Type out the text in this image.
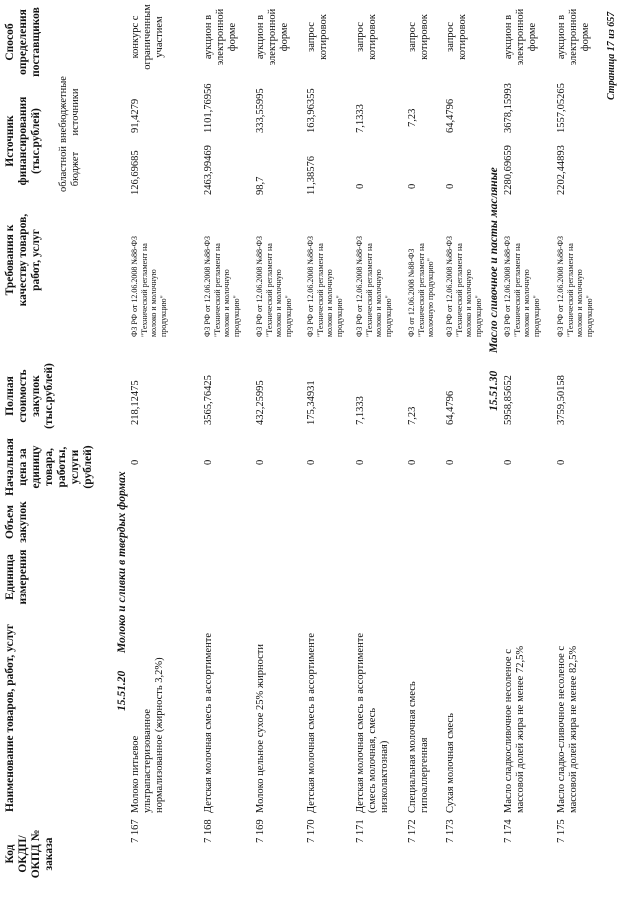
Код ОКДП/ ОКПД № заказа
Наименование товаров, работ, услуг
Единица измерения
Объем закупок
Начальная цена за единицу товара, работы, услуги (рублей)
Полная стоимость закупок (тыс.рублей)
Требования к качеству товаров, работ, услуг
Источник финансирования (тыс.рублей) областной бюджет
внебюджетные источники
Способ определения поставщиков
15.51.20
Молоко и сливки в твердых формах
15.51.30
Масло сливочное и пасты масляные
7 167
Молоко питьевое ультрапастеризованное нормализованное (жирность 3,2%)
0
218,12475
ФЗ РФ от 12.06.2008 №88-ФЗ "Технический регламент на молоко и молочную продукцию"
126,69685
91,4279
конкурс с ограниченным участием
7 168
Детская молочная смесь в ассортименте
0
3565,76425
ФЗ РФ от 12.06.2008 №88-ФЗ "Технический регламент на молоко и молочную продукцию"
2463,99469
1101,76956
аукцион в электронной форме
7 169
Молоко цельное сухое 25% жирности
0
432,25995
ФЗ РФ от 12.06.2008 №88-ФЗ "Технический регламент на молоко и молочную продукцию"
98,7
333,55995
аукцион в электронной форме
7 170
Детская молочная смесь в ассортименте
0
175,34931
ФЗ РФ от 12.06.2008 №88-ФЗ "Технический регламент на молоко и молочную продукцию"
11,38576
163,96355
запрос котировок
7 171
Детская молочная смесь в ассортименте (смесь молочная, смесь низколактозная)
0
7,1333
ФЗ РФ от 12.06.2008 №88-ФЗ "Технический регламент на молоко и молочную продукцию"
0
7,1333
запрос котировок
7 172
Специальная молочная смесь гипоаллергенная
0
7,23
ФЗ от 12.06.2008 №88-ФЗ "Технический регламент на молочную продукцию"
0
7,23
запрос котировок
7 173
Сухая молочная смесь
0
64,4796
ФЗ РФ от 12.06.2008 №88-ФЗ "Технический регламент на молоко и молочную продукцию"
0
64,4796
запрос котировок
7 174
Масло сладкосливочное несоленое с массовой долей жира не менее 72,5%
0
5958,85652
ФЗ РФ от 12.06.2008 №88-ФЗ "Технический регламент на молоко и молочную продукцию"
2280,69659
3678,15993
аукцион в электронной форме
7 175
Масло сладко-сливочное несоленое с массовой долей жира не менее 82,5%
0
3759,50158
ФЗ РФ от 12.06.2008 №88-ФЗ "Технический регламент на молоко и молочную продукцию"
2202,44893
1557,05265
аукцион в электронной форме Страница 17 из 657
